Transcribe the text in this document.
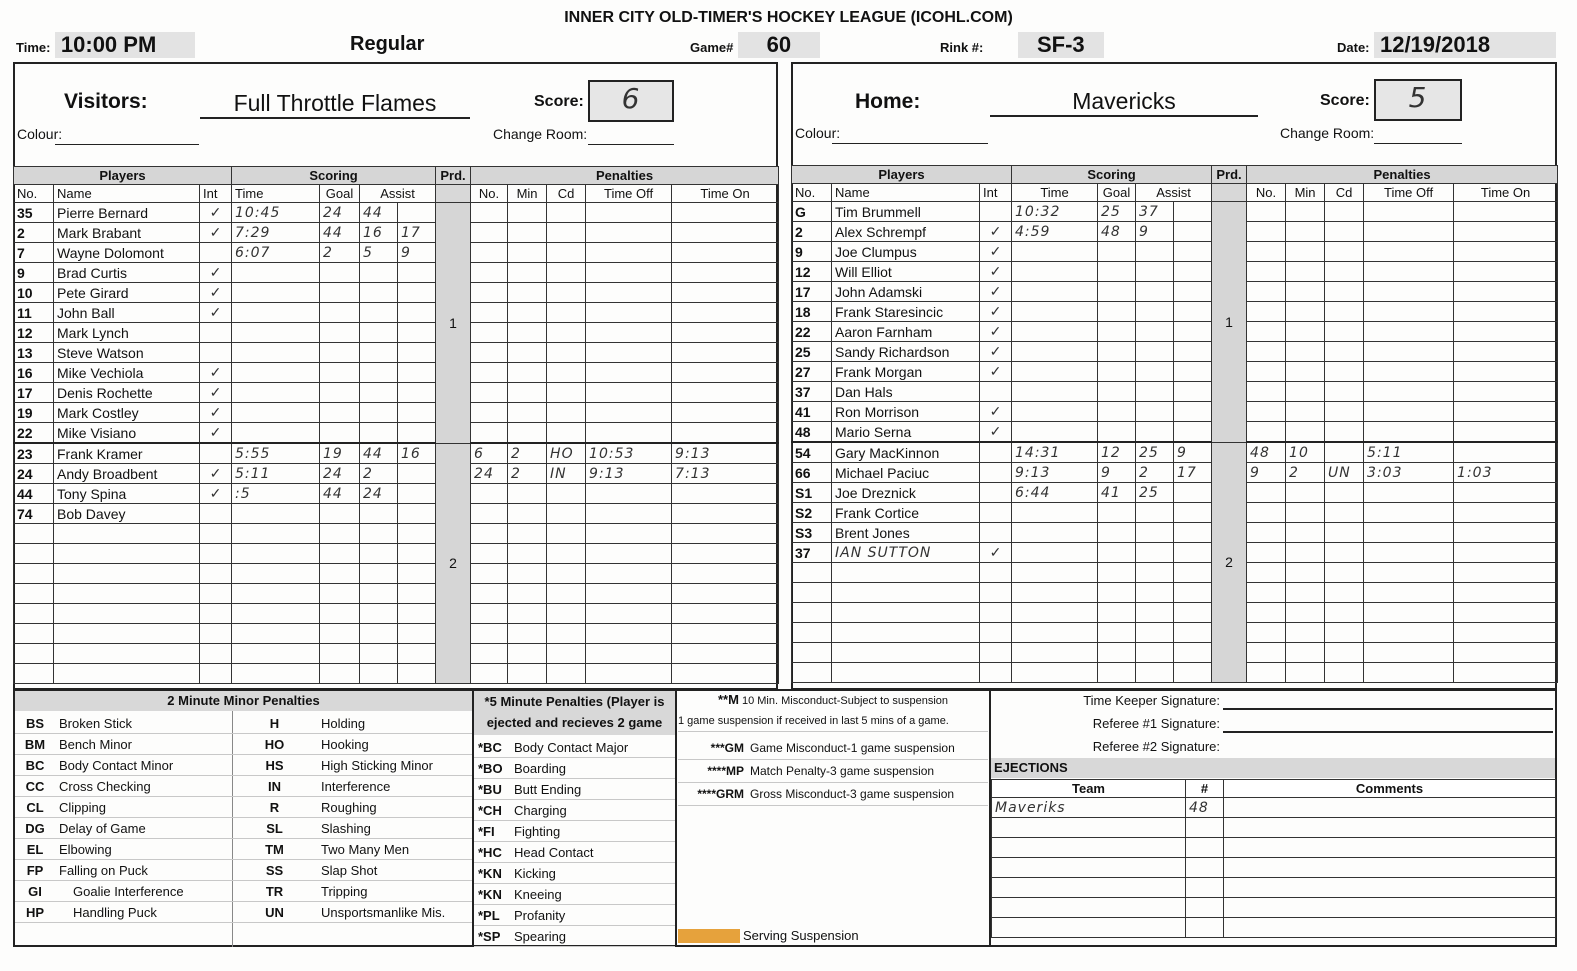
INNER CITY OLD-TIMER'S HOCKEY LEAGUE (ICOHL.COM)
Time: 10:00 PM	Regular	Game# 60	Rink #: SF-3	Date: 12/19/2018
Visitors:	Full Throttle Flames	Score:	6
Colour:	Change Room:
Players			Scoring				Prd.	Penalties				
No.	Name	Int	Time	Goal	Assist			No.	Min	Cd	Time Off	Time On
35	Pierre Bernard	✓	10:45	24	44		1					
2	Mark Brabant	✓	7:29	44	16	17						
7	Wayne Dolomont		6:07	2	5	9						
9	Brad Curtis	✓										
10	Pete Girard	✓										
11	John Ball	✓										
12	Mark Lynch											
13	Steve Watson											
16	Mike Vechiola	✓										
17	Denis Rochette	✓										
19	Mark Costley	✓										
22	Mike Visiano	✓										
23	Frank Kramer		5:55	19	44	16	2	6	2	HO	10:53	9:13
24	Andy Broadbent	✓	5:11	24	2			24	2	IN	9:13	7:13
44	Tony Spina	✓	:5	44	24							
74	Bob Davey											

Home:	Mavericks	Score:	5
Colour:	Change Room:
Players			Scoring				Prd.	Penalties				
No.	Name	Int	Time	Goal	Assist			No.	Min	Cd	Time Off	Time On
G	Tim Brummell		10:32	25	37		1					
2	Alex Schrempf	✓	4:59	48	9							
9	Joe Clumpus	✓										
12	Will Elliot	✓										
17	John Adamski	✓										
18	Frank Staresincic	✓										
22	Aaron Farnham	✓										
25	Sandy Richardson	✓										
27	Frank Morgan	✓										
37	Dan Hals											
41	Ron Morrison	✓										
48	Mario Serna	✓										
54	Gary MacKinnon		14:31	12	25	9	2	48	10		5:11	
66	Michael Paciuc		9:13	9	2	17		9	2	UN	3:03	1:03
S1	Joe Dreznick		6:44	41	25							
S2	Frank Cortice											
S3	Brent Jones											
37	IAN SUTTON	✓										

2 Minute Minor Penalties
BS	Broken Stick	H	Holding
BM	Bench Minor	HO	Hooking
BC	Body Contact Minor	HS	High Sticking Minor
CC	Cross Checking	IN	Interference
CL	Clipping	R	Roughing
DG	Delay of Game	SL	Slashing
EL	Elbowing	TM	Two Many Men
FP	Falling on Puck	SS	Slap Shot
GI	Goalie Interference	TR	Tripping
HP	Handling Puck	UN	Unsportsmanlike Mis.
*5 Minute Penalties (Player is
ejected and recieves 2 game
*BC	Body Contact Major
*BO	Boarding
*BU	Butt Ending
*CH	Charging
*FI	Fighting
*HC	Head Contact
*KN	Kicking
*KN	Kneeing
*PL	Profanity
*SP	Spearing
**M 10 Min. Misconduct-Subject to suspension
1 game suspension if received in last 5 mins of a game.
***GM Game Misconduct-1 game suspension
****MP Match Penalty-3 game suspension
****GRM Gross Misconduct-3 game suspension
Serving Suspension
Time Keeper Signature:
Referee #1 Signature:
Referee #2 Signature:
EJECTIONS
Team	#	Comments
Maveriks	48	
